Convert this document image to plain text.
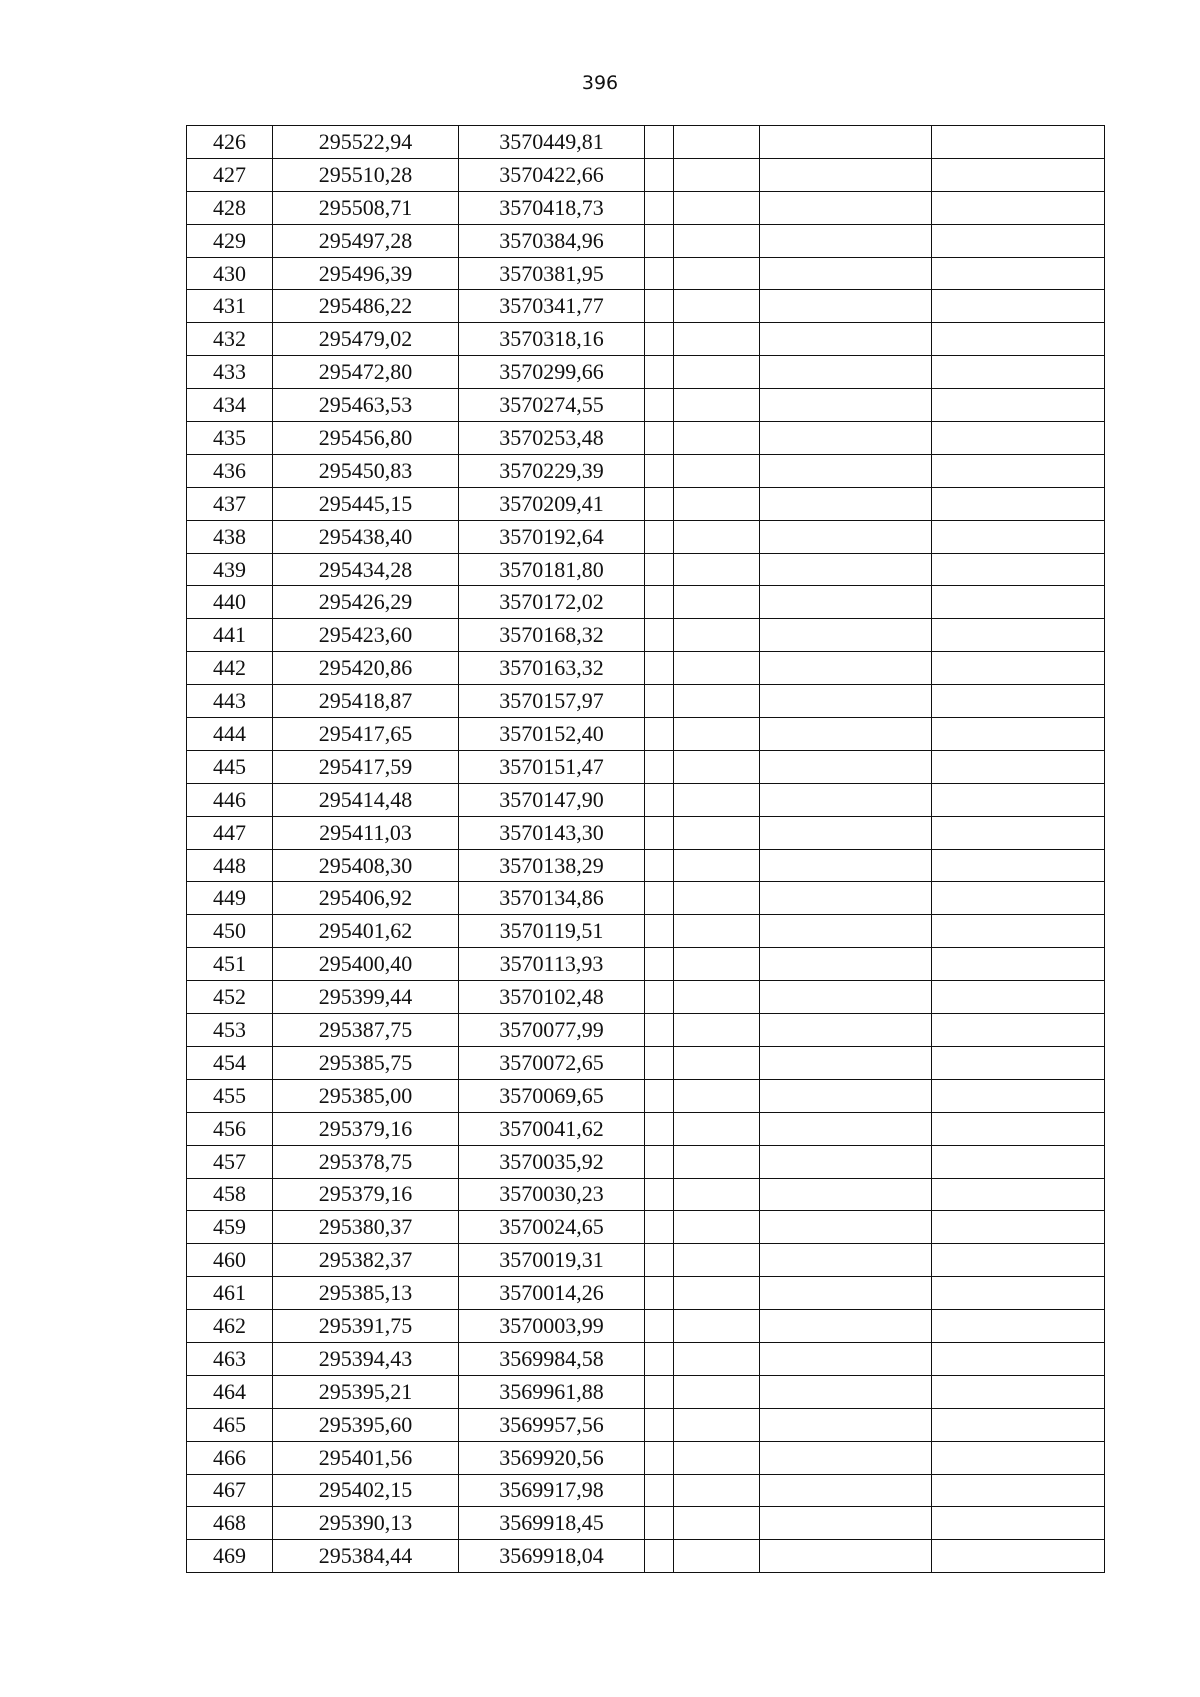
396
426	295522,94	3570449,81				
427	295510,28	3570422,66				
428	295508,71	3570418,73				
429	295497,28	3570384,96				
430	295496,39	3570381,95				
431	295486,22	3570341,77				
432	295479,02	3570318,16				
433	295472,80	3570299,66				
434	295463,53	3570274,55				
435	295456,80	3570253,48				
436	295450,83	3570229,39				
437	295445,15	3570209,41				
438	295438,40	3570192,64				
439	295434,28	3570181,80				
440	295426,29	3570172,02				
441	295423,60	3570168,32				
442	295420,86	3570163,32				
443	295418,87	3570157,97				
444	295417,65	3570152,40				
445	295417,59	3570151,47				
446	295414,48	3570147,90				
447	295411,03	3570143,30				
448	295408,30	3570138,29				
449	295406,92	3570134,86				
450	295401,62	3570119,51				
451	295400,40	3570113,93				
452	295399,44	3570102,48				
453	295387,75	3570077,99				
454	295385,75	3570072,65				
455	295385,00	3570069,65				
456	295379,16	3570041,62				
457	295378,75	3570035,92				
458	295379,16	3570030,23				
459	295380,37	3570024,65				
460	295382,37	3570019,31				
461	295385,13	3570014,26				
462	295391,75	3570003,99				
463	295394,43	3569984,58				
464	295395,21	3569961,88				
465	295395,60	3569957,56				
466	295401,56	3569920,56				
467	295402,15	3569917,98				
468	295390,13	3569918,45				
469	295384,44	3569918,04				
